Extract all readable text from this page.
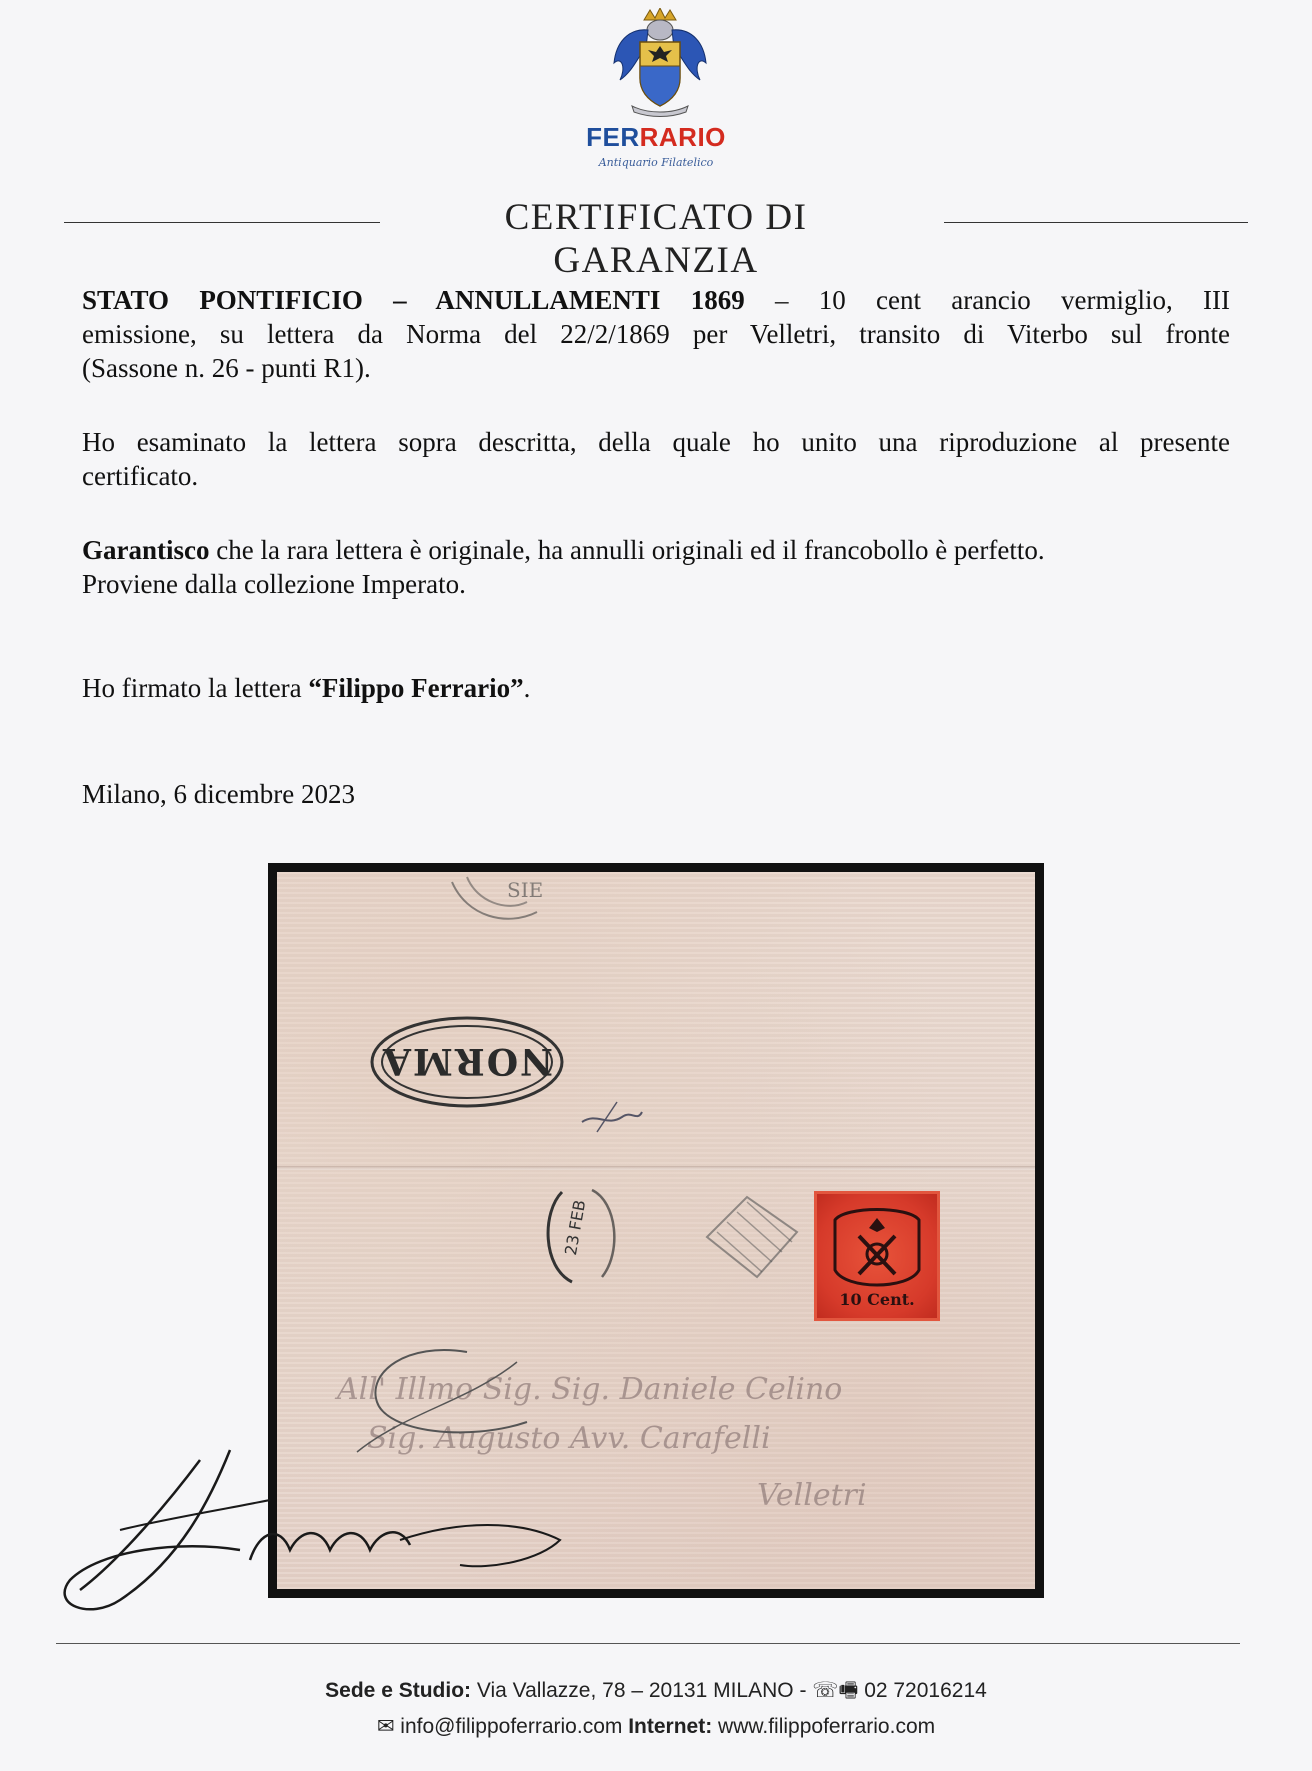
FERRARIO
Antiquario Filatelico
CERTIFICATO DI GARANZIA
STATO PONTIFICIO – ANNULLAMENTI 1869 – 10 cent arancio vermiglio, III
emissione, su lettera da Norma del 22/2/1869 per Velletri, transito di Viterbo sul fronte
(Sassone n. 26 - punti R1).
Ho esaminato la lettera sopra descritta, della quale ho unito una riproduzione al presente
certificato.
Garantisco che la rara lettera è originale, ha annulli originali ed il francobollo è perfetto.
Proviene dalla collezione Imperato.
Ho firmato la lettera “Filippo Ferrario”.
Milano, 6 dicembre 2023
SIE
NORMA
23 FEB
10 Cent.
All' Illmo Sig. Sig. Daniele Celino
Sig. Augusto Avv. Carafelli
Velletri
Sede e Studio: Via Vallazze, 78 – 20131 MILANO - ☏🖷 02 72016214
✉ info@filippoferrario.com Internet: www.filippoferrario.com
